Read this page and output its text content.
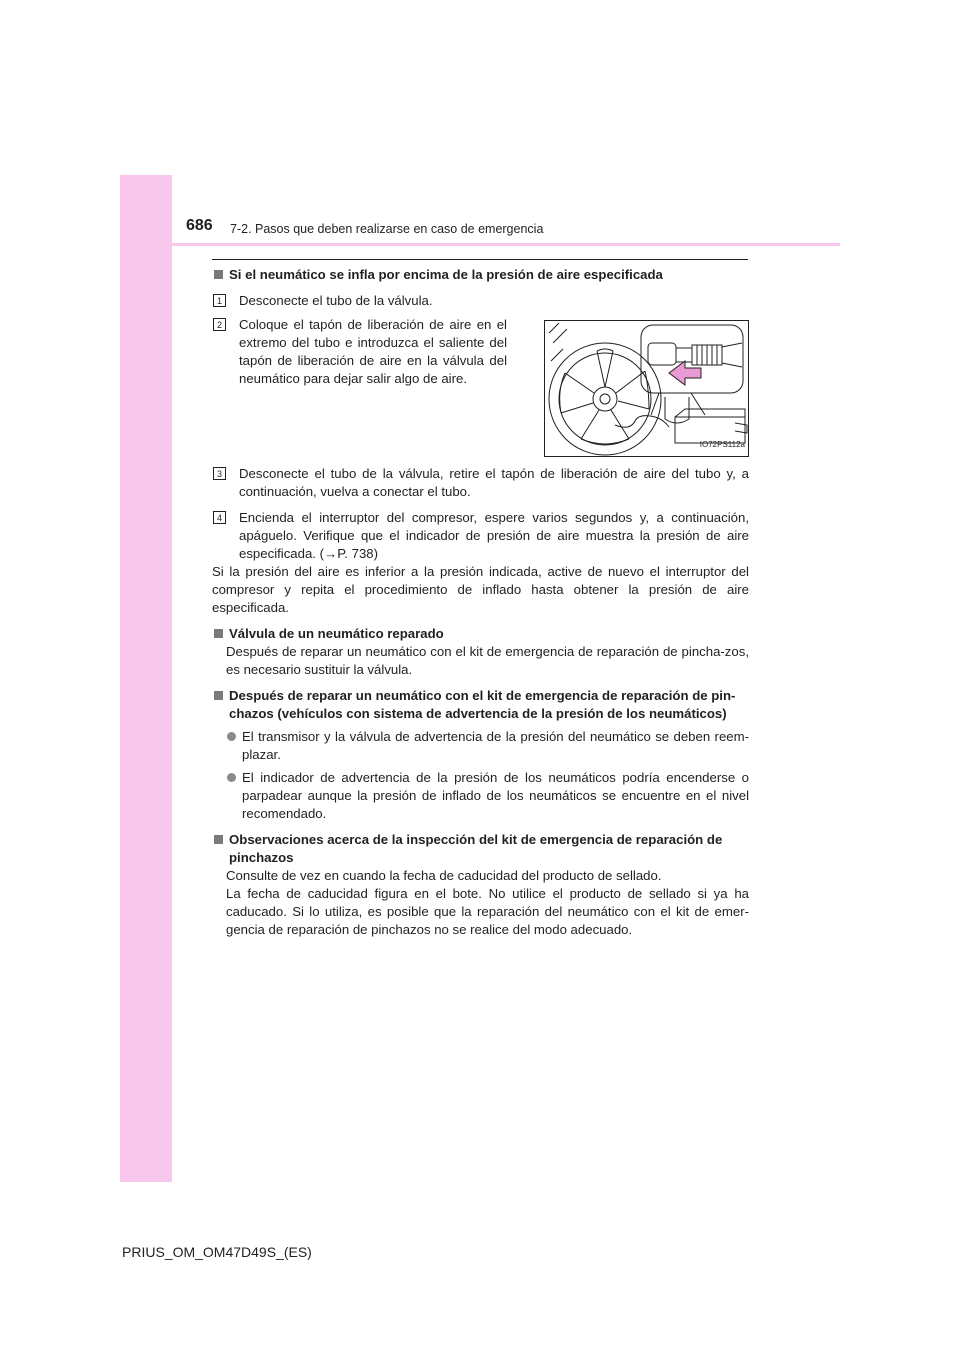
686 7-2. Pasos que deben realizarse en caso de emergencia
Si el neumático se infla por encima de la presión de aire especificada
1	Desconecte el tubo de la válvula.
2	Coloque el tapón de liberación de aire en el extremo del tubo e introduzca el saliente del tapón de liberación de aire en la válvula del neumático para dejar salir algo de aire.
IO72PS112a
3	Desconecte el tubo de la válvula, retire el tapón de liberación de aire del tubo y, a continuación, vuelva a conectar el tubo.
4	Encienda el interruptor del compresor, espere varios segundos y, a continuación, apáguelo. Verifique que el indicador de presión de aire muestra la presión de aire especificada. (→P. 738)

Si la presión del aire es inferior a la presión indicada, active de nuevo el interruptor del compresor y repita el procedimiento de inflado hasta obtener la presión de aire especificada.

Válvula de un neumático reparado

Después de reparar un neumático con el kit de emergencia de reparación de pincha-zos, es necesario sustituir la válvula.

Después de reparar un neumático con el kit de emergencia de reparación de pin-chazos (vehículos con sistema de advertencia de la presión de los neumáticos)
El transmisor y la válvula de advertencia de la presión del neumático se deben reem-plazar.
El indicador de advertencia de la presión de los neumáticos podría encenderse o parpadear aunque la presión de inflado de los neumáticos se encuentre en el nivel recomendado.
Observaciones acerca de la inspección del kit de emergencia de reparación de pinchazos

Consulte de vez en cuando la fecha de caducidad del producto de sellado.

La fecha de caducidad figura en el bote. No utilice el producto de sellado si ya ha caducado. Si lo utiliza, es posible que la reparación del neumático con el kit de emer-gencia de reparación de pinchazos no se realice del modo adecuado.

PRIUS_OM_OM47D49S_(ES)
